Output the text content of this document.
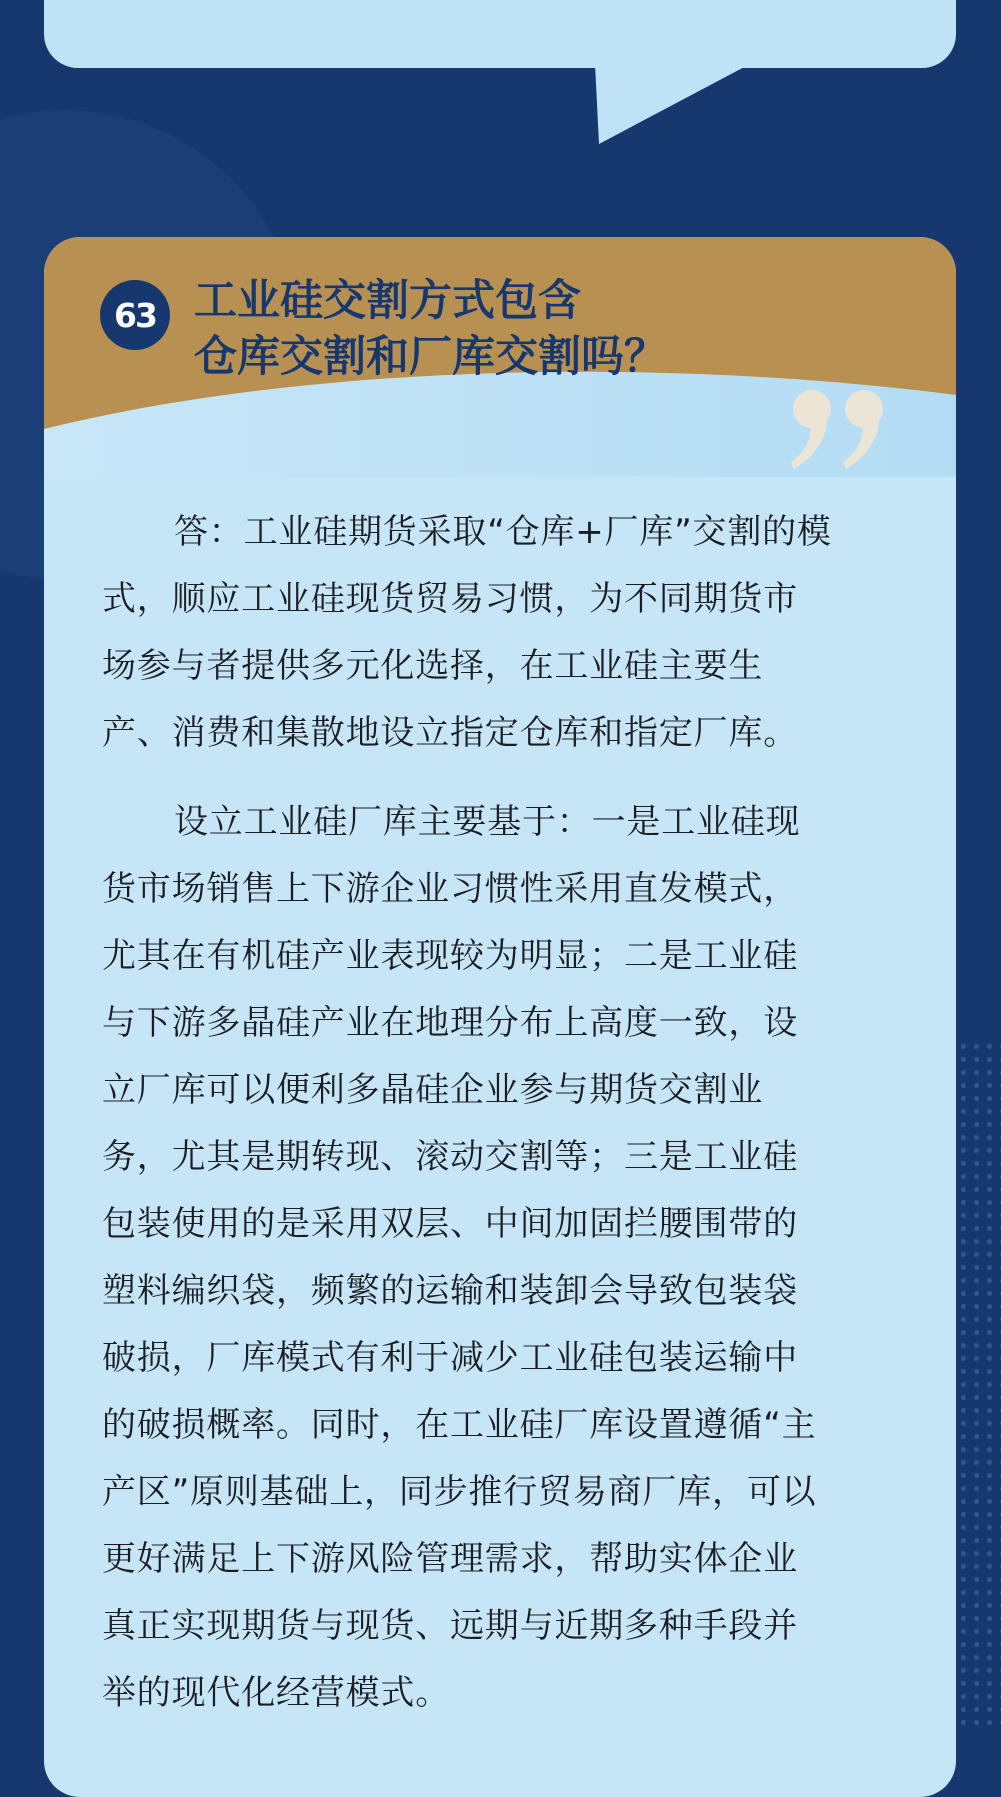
63 工业硅交割方式包含
仓库交割和厂库交割吗？

答：工业硅期货采取“仓库+厂库”交割的模
式，顺应工业硅现货贸易习惯，为不同期货市
场参与者提供多元化选择，在工业硅主要生
产、消费和集散地设立指定仓库和指定厂库。

设立工业硅厂库主要基于：一是工业硅现
货市场销售上下游企业习惯性采用直发模式，
尤其在有机硅产业表现较为明显；二是工业硅
与下游多晶硅产业在地理分布上高度一致，设
立厂库可以便利多晶硅企业参与期货交割业
务，尤其是期转现、滚动交割等；三是工业硅
包装使用的是采用双层、中间加固拦腰围带的
塑料编织袋，频繁的运输和装卸会导致包装袋
破损，厂库模式有利于减少工业硅包装运输中
的破损概率。同时，在工业硅厂库设置遵循“主
产区”原则基础上，同步推行贸易商厂库，可以
更好满足上下游风险管理需求，帮助实体企业
真正实现期货与现货、远期与近期多种手段并
举的现代化经营模式。
